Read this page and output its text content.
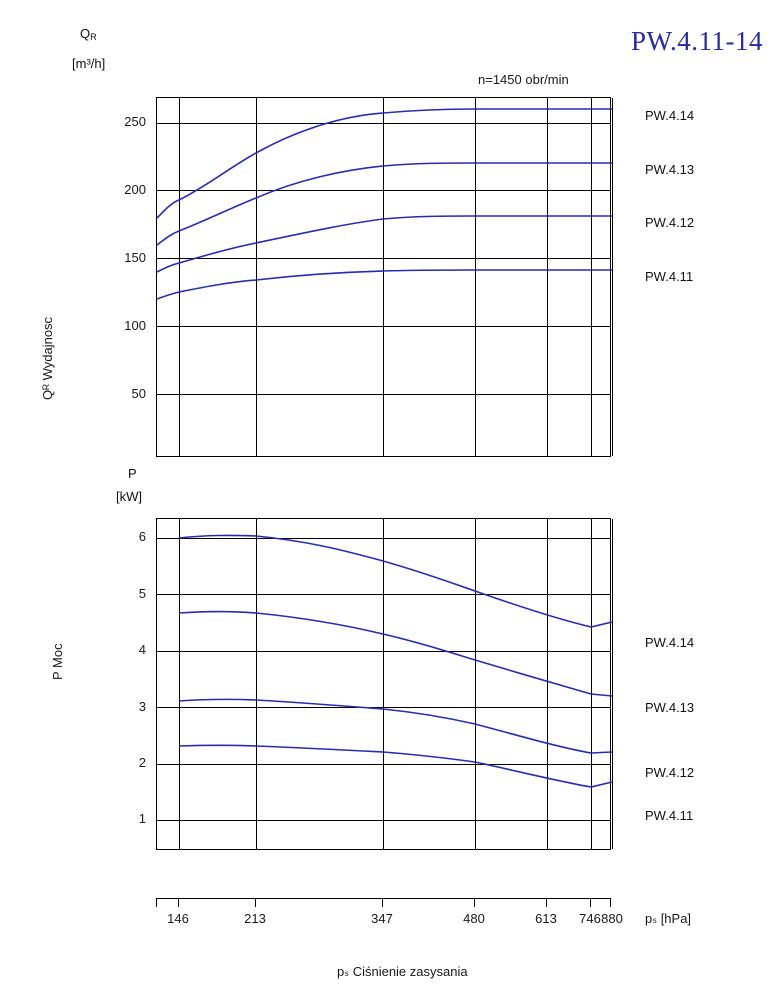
PW.4.11-14
$Q_R$
[m³/h]
Qᴿ Wydajnosc
n=1450 obr/min
250
200
150
100
50
PW.4.14
PW.4.13
PW.4.12
PW.4.11
P
[kW]
P Moc
6
5
4
3
2
1
PW.4.14
PW.4.13
PW.4.12
PW.4.11
146	213	347	480	613	746 880	pₛ [hPa]
pₛ Ciśnienie zasysania
